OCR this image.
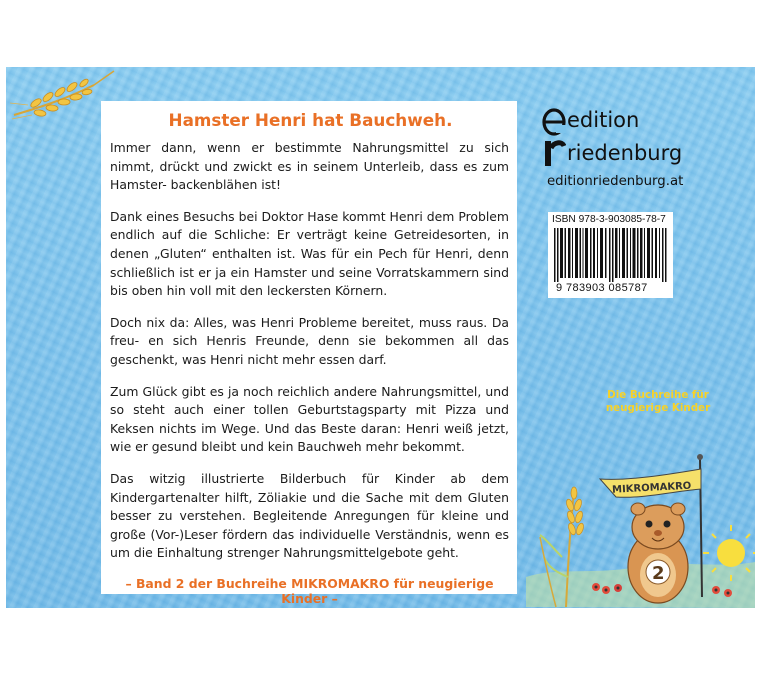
Hamster Henri hat Bauchweh.

Immer dann, wenn er bestimmte Nahrungsmittel zu sich nimmt, drückt und zwickt es in seinem Unterleib, dass es zum Hamster- backenblähen ist!

Dank eines Besuchs bei Doktor Hase kommt Henri dem Problem endlich auf die Schliche: Er verträgt keine Getreidesorten, in denen „Gluten“ enthalten ist. Was für ein Pech für Henri, denn schließlich ist er ja ein Hamster und seine Vorratskammern sind bis oben hin voll mit den leckersten Körnern.

Doch nix da: Alles, was Henri Probleme bereitet, muss raus. Da freu- en sich Henris Freunde, denn sie bekommen all das geschenkt, was Henri nicht mehr essen darf.

Zum Glück gibt es ja noch reichlich andere Nahrungsmittel, und so steht auch einer tollen Geburtstagsparty mit Pizza und Keksen nichts im Wege. Und das Beste daran: Henri weiß jetzt, wie er gesund bleibt und kein Bauchweh mehr bekommt.

Das witzig illustrierte Bilderbuch für Kinder ab dem Kindergartenalter hilft, Zöliakie und die Sache mit dem Gluten besser zu verstehen. Begleitende Anregungen für kleine und große (Vor-)Leser fördern das individuelle Verständnis, wenn es um die Einhaltung strenger Nahrungsmittelgebote geht.

– Band 2 der Buchreihe MIKROMAKRO für neugierige Kinder –
edition
riedenburg
editionriedenburg.at
ISBN 978-3-903085-78-7
9 783903 085787
Die Buchreihe für
neugierige Kinder
MIKROMAKRO
2
